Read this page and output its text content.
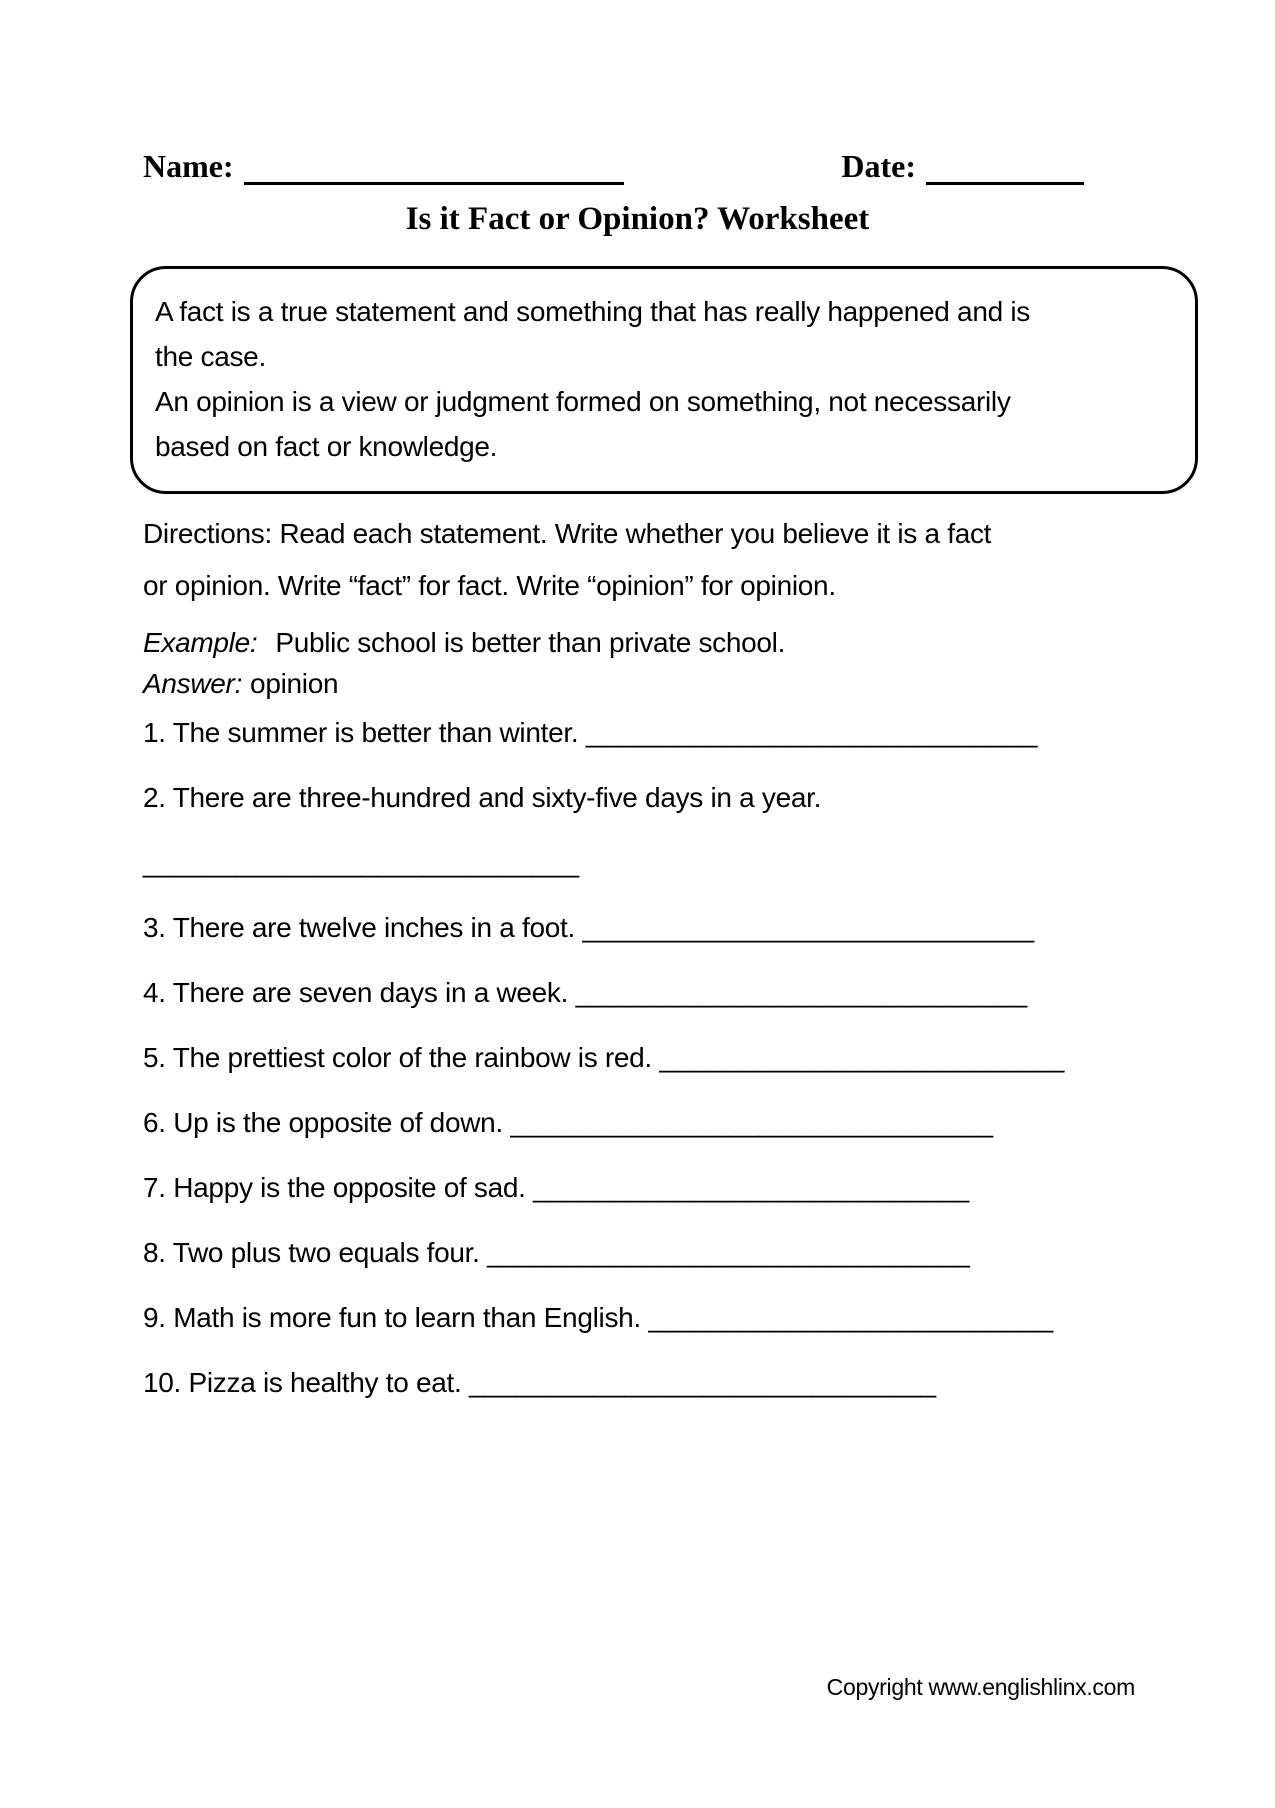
Name:	Date:
Is it Fact or Opinion? Worksheet
A fact is a true statement and something that has really happened and is
the case.
An opinion is a view or judgment formed on something, not necessarily
based on fact or knowledge.
Directions: Read each statement. Write whether you believe it is a fact
or opinion. Write “fact” for fact. Write “opinion” for opinion.
Example: Public school is better than private school.
Answer: opinion
1. The summer is better than winter. _____________________________
2. There are three-hundred and sixty-five days in a year.
____________________________
3. There are twelve inches in a foot. _____________________________
4. There are seven days in a week. _____________________________
5. The prettiest color of the rainbow is red. __________________________
6. Up is the opposite of down. _______________________________
7. Happy is the opposite of sad. ____________________________
8. Two plus two equals four. _______________________________
9. Math is more fun to learn than English. __________________________
10. Pizza is healthy to eat. ______________________________
Copyright www.englishlinx.com
